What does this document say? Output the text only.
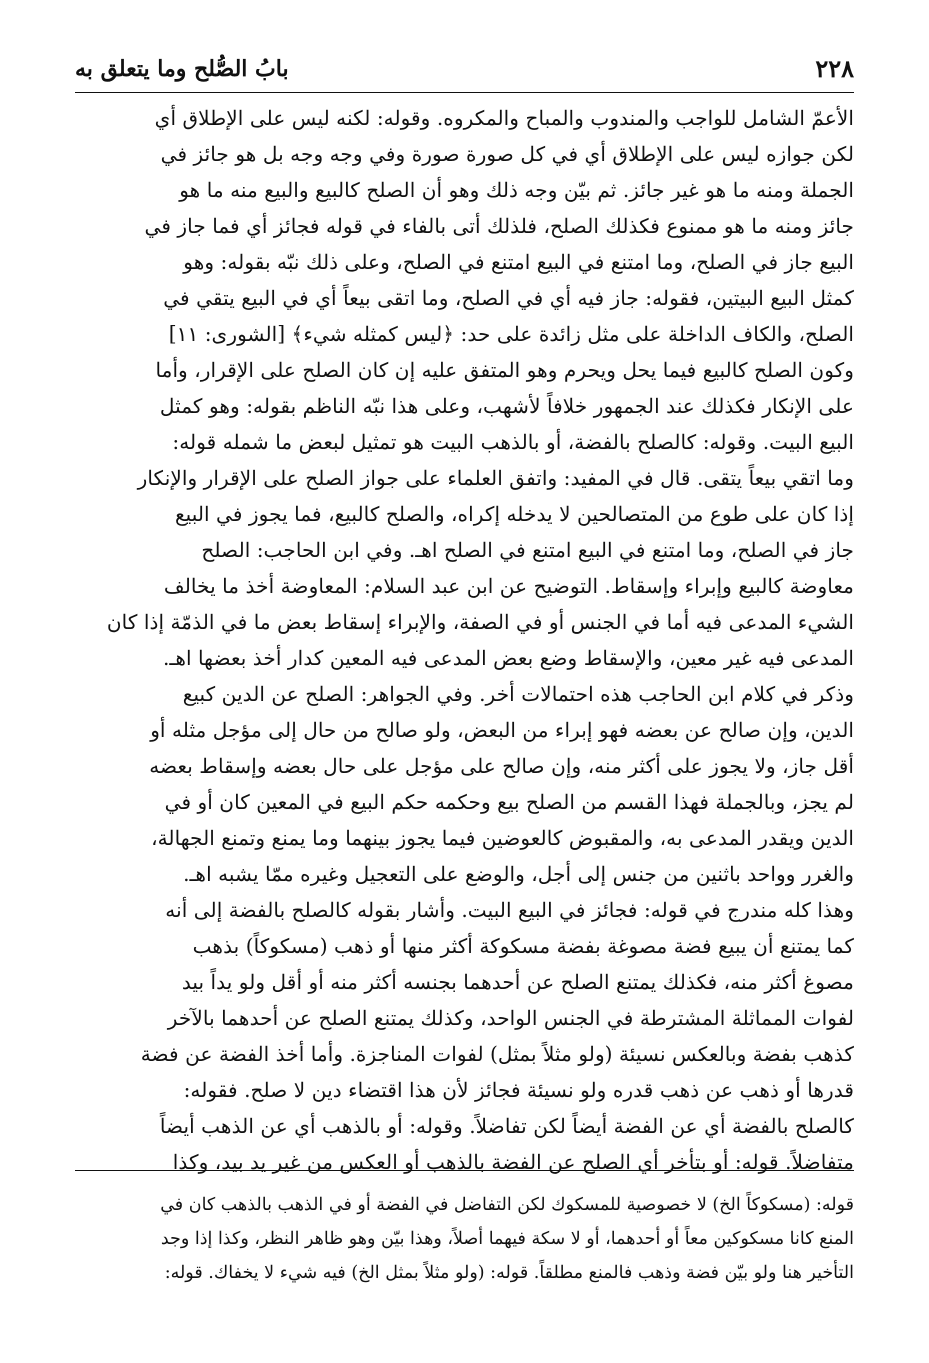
٢٢٨
بابُ الصُّلح وما يتعلق به
الأعمّ الشامل للواجب والمندوب والمباح والمكروه. وقوله: لكنه ليس على الإطلاق أي
لكن جوازه ليس على الإطلاق أي في كل صورة صورة وفي وجه وجه بل هو جائز في
الجملة ومنه ما هو غير جائز. ثم بيّن وجه ذلك وهو أن الصلح كالبيع والبيع منه ما هو
جائز ومنه ما هو ممنوع فكذلك الصلح، فلذلك أتى بالفاء في قوله فجائز أي فما جاز في
البيع جاز في الصلح، وما امتنع في البيع امتنع في الصلح، وعلى ذلك نبّه بقوله: وهو
كمثل البيع البيتين، فقوله: جاز فيه أي في الصلح، وما اتقى بيعاً أي في البيع يتقي في
الصلح، والكاف الداخلة على مثل زائدة على حد: ﴿ليس كمثله شيء﴾ [الشورى: ١١]
وكون الصلح كالبيع فيما يحل ويحرم وهو المتفق عليه إن كان الصلح على الإقرار، وأما
على الإنكار فكذلك عند الجمهور خلافاً لأشهب، وعلى هذا نبّه الناظم بقوله: وهو كمثل
البيع البيت. وقوله: كالصلح بالفضة، أو بالذهب البيت هو تمثيل لبعض ما شمله قوله:
وما اتقي بيعاً يتقى. قال في المفيد: واتفق العلماء على جواز الصلح على الإقرار والإنكار
إذا كان على طوع من المتصالحين لا يدخله إكراه، والصلح كالبيع، فما يجوز في البيع
جاز في الصلح، وما امتنع في البيع امتنع في الصلح اهـ. وفي ابن الحاجب: الصلح
معاوضة كالبيع وإبراء وإسقاط. التوضيح عن ابن عبد السلام: المعاوضة أخذ ما يخالف
الشيء المدعى فيه أما في الجنس أو في الصفة، والإبراء إسقاط بعض ما في الذمّة إذا كان
المدعى فيه غير معين، والإسقاط وضع بعض المدعى فيه المعين كدار أخذ بعضها اهـ.
وذكر في كلام ابن الحاجب هذه احتمالات أخر. وفي الجواهر: الصلح عن الدين كبيع
الدين، وإن صالح عن بعضه فهو إبراء من البعض، ولو صالح من حال إلى مؤجل مثله أو
أقل جاز، ولا يجوز على أكثر منه، وإن صالح على مؤجل على حال بعضه وإسقاط بعضه
لم يجز، وبالجملة فهذا القسم من الصلح بيع وحكمه حكم البيع في المعين كان أو في
الدين ويقدر المدعى به، والمقبوض كالعوضين فيما يجوز بينهما وما يمنع وتمنع الجهالة،
والغرر وواحد باثنين من جنس إلى أجل، والوضع على التعجيل وغيره ممّا يشبه اهـ.
وهذا كله مندرج في قوله: فجائز في البيع البيت. وأشار بقوله كالصلح بالفضة إلى أنه
كما يمتنع أن يبيع فضة مصوغة بفضة مسكوكة أكثر منها أو ذهب (مسكوكاً) بذهب
مصوغ أكثر منه، فكذلك يمتنع الصلح عن أحدهما بجنسه أكثر منه أو أقل ولو يداً بيد
لفوات المماثلة المشترطة في الجنس الواحد، وكذلك يمتنع الصلح عن أحدهما بالآخر
كذهب بفضة وبالعكس نسيئة (ولو مثلاً بمثل) لفوات المناجزة. وأما أخذ الفضة عن فضة
قدرها أو ذهب عن ذهب قدره ولو نسيئة فجائز لأن هذا اقتضاء دين لا صلح. فقوله:
كالصلح بالفضة أي عن الفضة أيضاً لكن تفاضلاً. وقوله: أو بالذهب أي عن الذهب أيضاً
متفاضلاً. قوله: أو بتأخر أي الصلح عن الفضة بالذهب أو العكس من غير يد بيد، وكذا
قوله: (مسكوكاً الخ) لا خصوصية للمسكوك لكن التفاضل في الفضة أو في الذهب بالذهب كان في
المنع كانا مسكوكين معاً أو أحدهما، أو لا سكة فيهما أصلاً، وهذا بيّن وهو ظاهر النظر، وكذا إذا وجد
التأخير هنا ولو بيّن فضة وذهب فالمنع مطلقاً. قوله: (ولو مثلاً بمثل الخ) فيه شيء لا يخفاك. قوله:
